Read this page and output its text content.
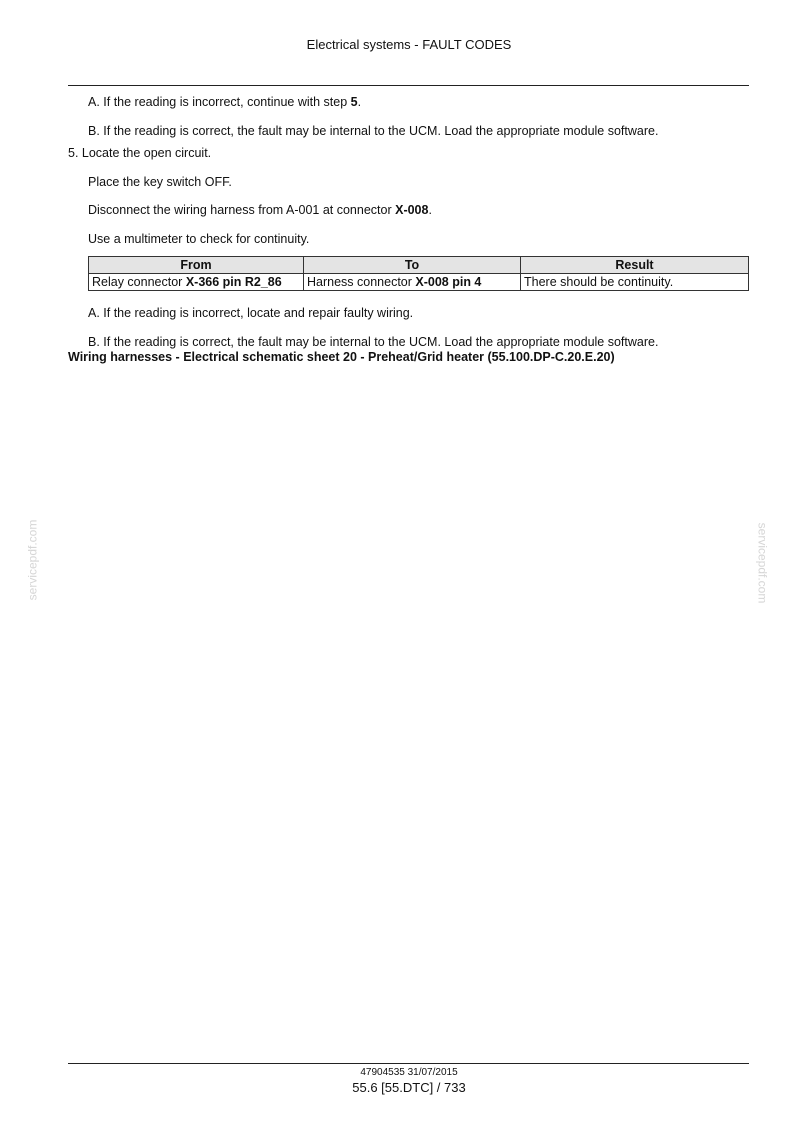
Electrical systems - FAULT CODES
A. If the reading is incorrect, continue with step 5.
B. If the reading is correct, the fault may be internal to the UCM. Load the appropriate module software.
5. Locate the open circuit.
Place the key switch OFF.
Disconnect the wiring harness from A-001 at connector X-008.
Use a multimeter to check for continuity.
From	To	Result
Relay connector X-366 pin R2_86	Harness connector X-008 pin 4	There should be continuity.
A. If the reading is incorrect, locate and repair faulty wiring.
B. If the reading is correct, the fault may be internal to the UCM. Load the appropriate module software.
Wiring harnesses - Electrical schematic sheet 20 - Preheat/Grid heater (55.100.DP-C.20.E.20)
servicepdf.com	servicepdf.com
47904535 31/07/2015
55.6 [55.DTC] / 733
